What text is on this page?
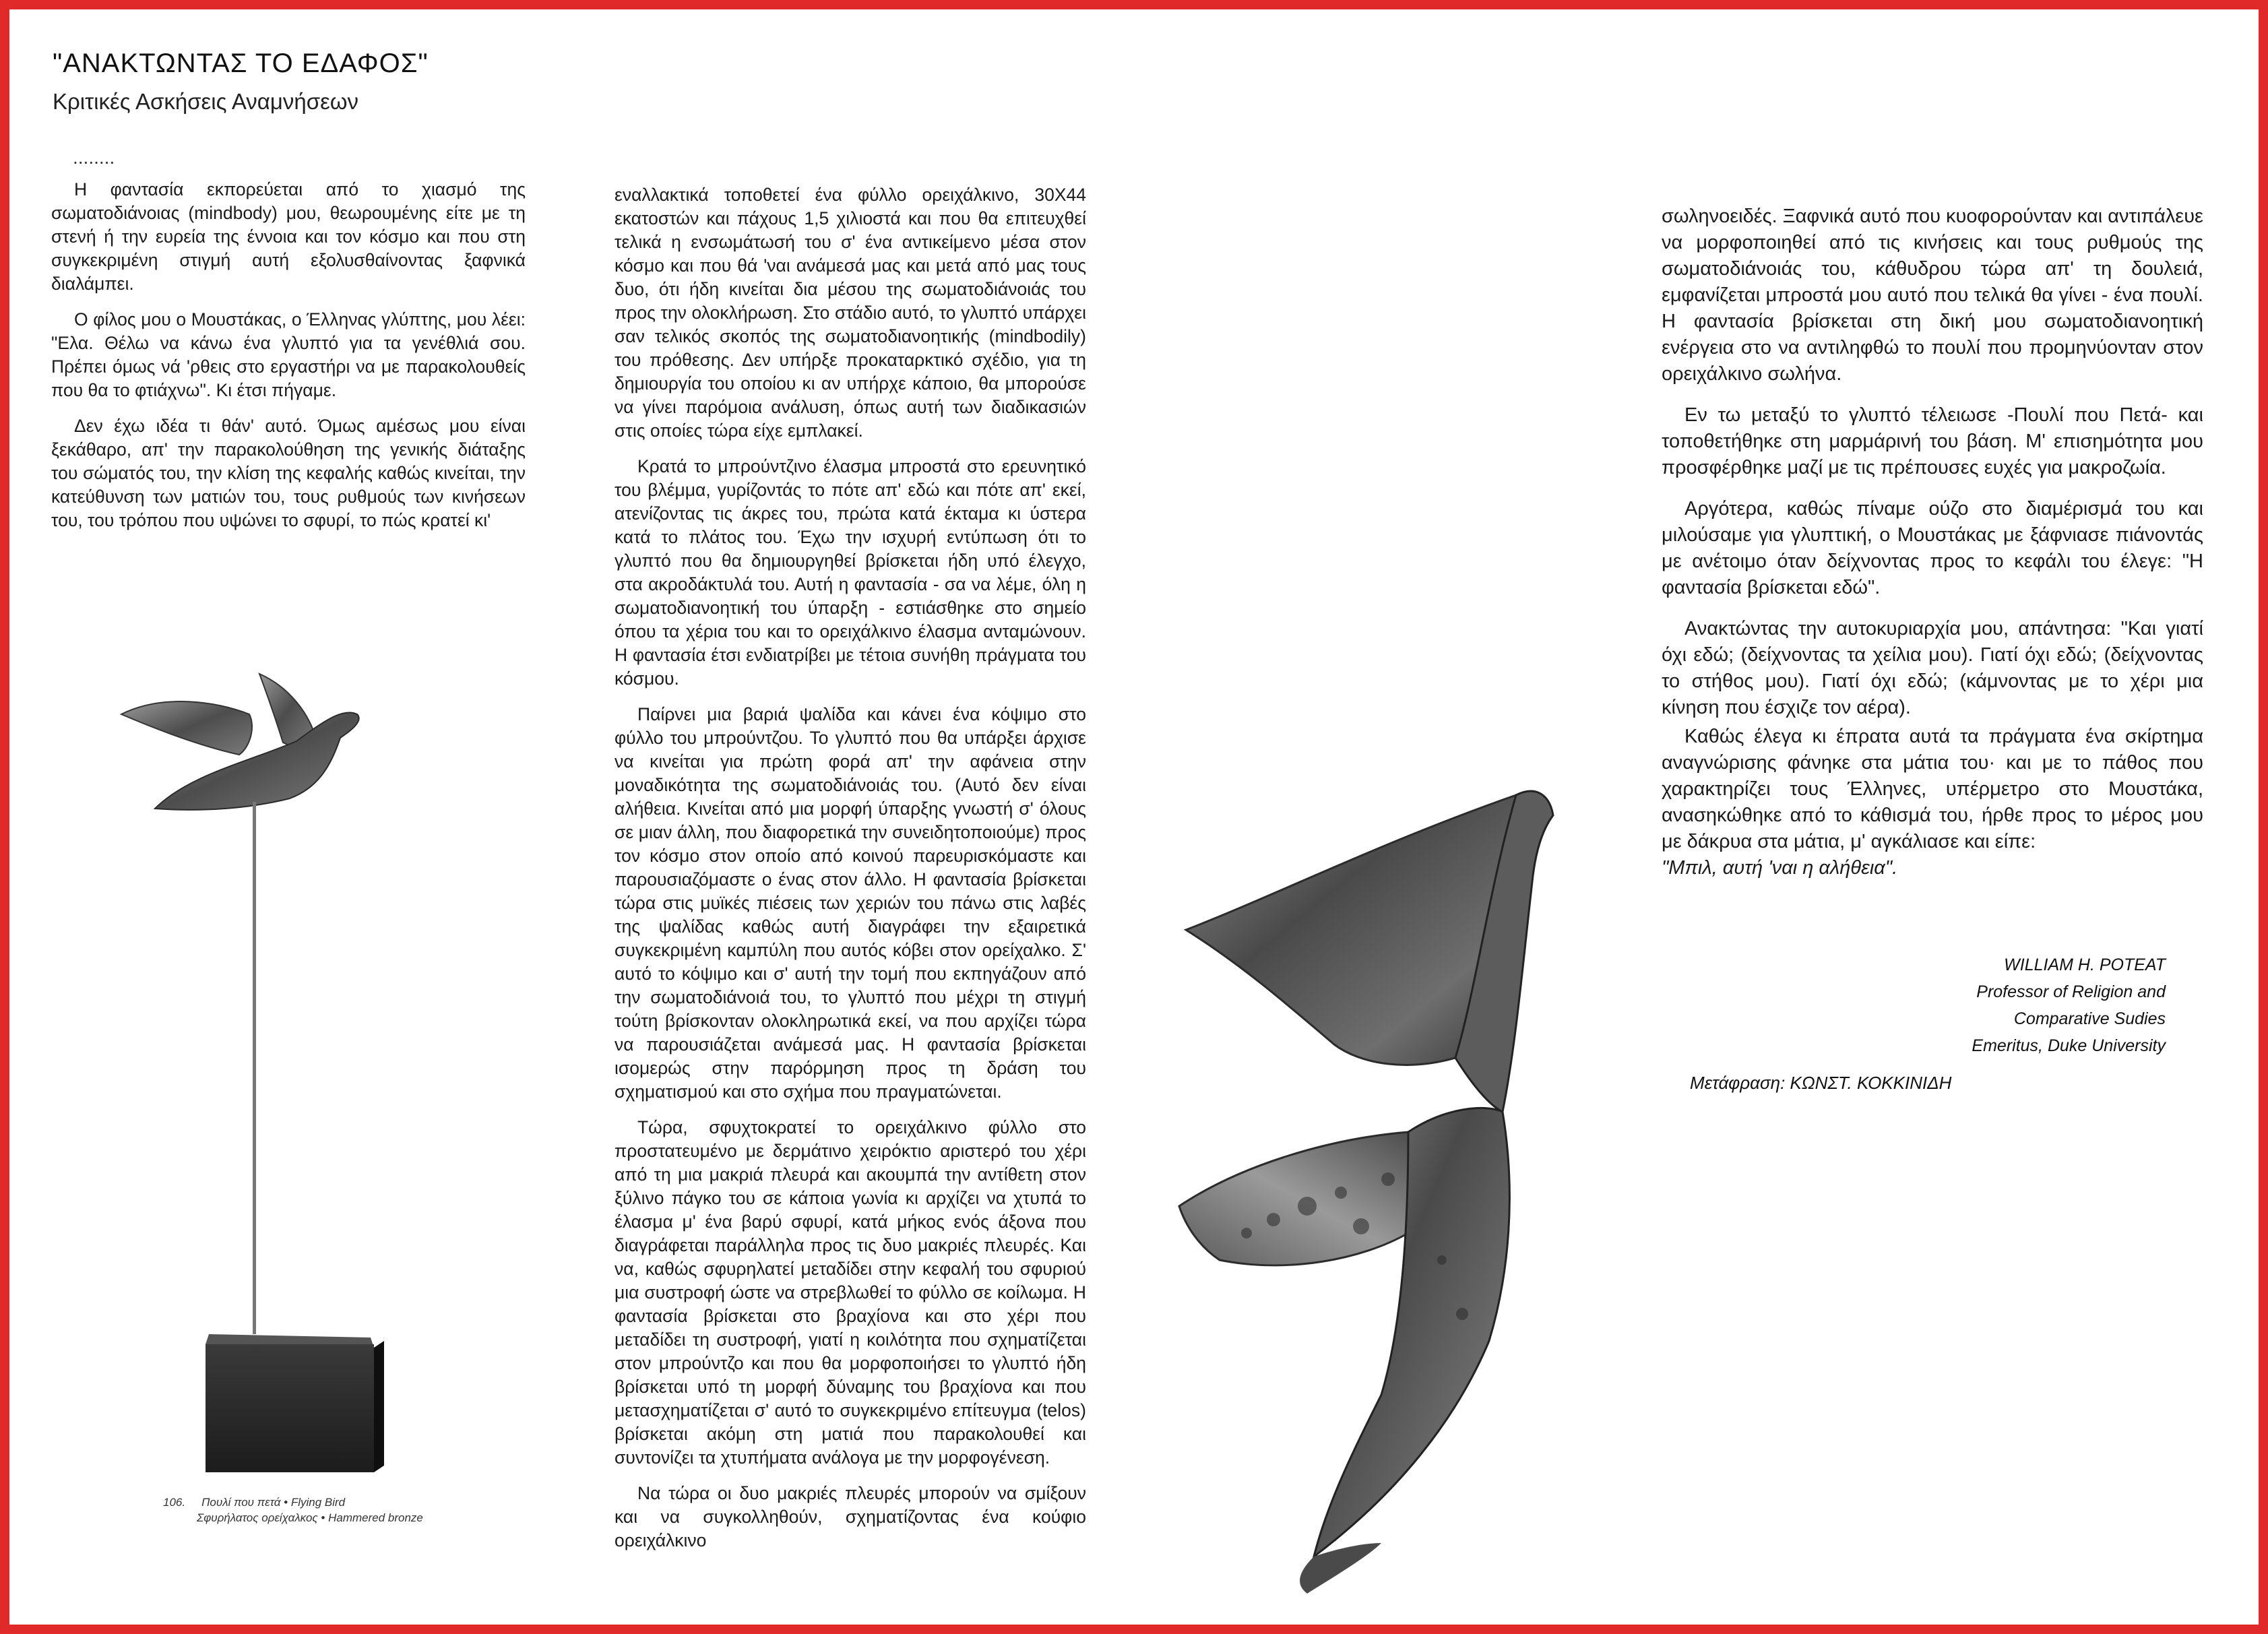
"ΑΝΑΚΤΩΝΤΑΣ ΤΟ ΕΔΑΦΟΣ"
Κριτικές Ασκήσεις Αναμνήσεων
........

Η φαντασία εκπορεύεται από το χιασμό της σωματοδιάνοιας (mindbody) μου, θεωρουμένης είτε με τη στενή ή την ευρεία της έννοια και τον κόσμο και που στη συγκεκριμένη στιγμή αυτή εξολυσθαίνοντας ξαφνικά διαλάμπει.

Ο φίλος μου ο Μουστάκας, ο Έλληνας γλύπτης, μου λέει: "Ελα. Θέλω να κάνω ένα γλυπτό για τα γενέθλιά σου. Πρέπει όμως νά 'ρθεις στο εργαστήρι να με παρακολουθείς που θα το φτιάχνω". Κι έτσι πήγαμε.

Δεν έχω ιδέα τι θάν' αυτό. Όμως αμέσως μου είναι ξεκάθαρο, απ' την παρακολούθηση της γενικής διάταξης του σώματός του, την κλίση της κεφαλής καθώς κινείται, την κατεύθυνση των ματιών του, τους ρυθμούς των κινήσεων του, του τρόπου που υψώνει το σφυρί, το πώς κρατεί κι'

106. Πουλί που πετά • Flying Bird
Σφυρήλατος ορείχαλκος • Hammered bronze

εναλλακτικά τοποθετεί ένα φύλλο ορειχάλκινο, 30Χ44 εκατοστών και πάχους 1,5 χιλιοστά και που θα επιτευχθεί τελικά η ενσωμάτωσή του σ' ένα αντικείμενο μέσα στον κόσμο και που θά 'ναι ανάμεσά μας και μετά από μας τους δυο, ότι ήδη κινείται δια μέσου της σωματοδιάνοιάς του προς την ολοκλήρωση. Στο στάδιο αυτό, το γλυπτό υπάρχει σαν τελικός σκοπός της σωματοδιανοητικής (mindbodily) του πρόθεσης. Δεν υπήρξε προκαταρκτικό σχέδιο, για τη δημιουργία του οποίου κι αν υπήρχε κάποιο, θα μπορούσε να γίνει παρόμοια ανάλυση, όπως αυτή των διαδικασιών στις οποίες τώρα είχε εμπλακεί.

Κρατά το μπρούντζινο έλασμα μπροστά στο ερευνητικό του βλέμμα, γυρίζοντάς το πότε απ' εδώ και πότε απ' εκεί, ατενίζοντας τις άκρες του, πρώτα κατά έκταμα κι ύστερα κατά το πλάτος του. Έχω την ισχυρή εντύπωση ότι το γλυπτό που θα δημιουργηθεί βρίσκεται ήδη υπό έλεγχο, στα ακροδάκτυλά του. Αυτή η φαντασία - σα να λέμε, όλη η σωματοδιανοητική του ύπαρξη - εστιάσθηκε στο σημείο όπου τα χέρια του και το ορειχάλκινο έλασμα ανταμώνουν. Η φαντασία έτσι ενδιατρίβει με τέτοια συνήθη πράγματα του κόσμου.

Παίρνει μια βαριά ψαλίδα και κάνει ένα κόψιμο στο φύλλο του μπρούντζου. Το γλυπτό που θα υπάρξει άρχισε να κινείται για πρώτη φορά απ' την αφάνεια στην μοναδικότητα της σωματοδιάνοιάς του. (Αυτό δεν είναι αλήθεια. Κινείται από μια μορφή ύπαρξης γνωστή σ' όλους σε μιαν άλλη, που διαφορετικά την συνειδητοποιούμε) προς τον κόσμο στον οποίο από κοινού παρευρισκόμαστε και παρουσιαζόμαστε ο ένας στον άλλο. Η φαντασία βρίσκεται τώρα στις μυϊκές πιέσεις των χεριών του πάνω στις λαβές της ψαλίδας καθώς αυτή διαγράφει την εξαιρετικά συγκεκριμένη καμπύλη που αυτός κόβει στον ορείχαλκο. Σ' αυτό το κόψιμο και σ' αυτή την τομή που εκπηγάζουν από την σωματοδιάνοιά του, το γλυπτό που μέχρι τη στιγμή τούτη βρίσκονταν ολοκληρωτικά εκεί, να που αρχίζει τώρα να παρουσιάζεται ανάμεσά μας. Η φαντασία βρίσκεται ισομερώς στην παρόρμηση προς τη δράση του σχηματισμού και στο σχήμα που πραγματώνεται.

Τώρα, σφυχτοκρατεί το ορειχάλκινο φύλλο στο προστατευμένο με δερμάτινο χειρόκτιο αριστερό του χέρι από τη μια μακριά πλευρά και ακουμπά την αντίθετη στον ξύλινο πάγκο του σε κάποια γωνία κι αρχίζει να χτυπά το έλασμα μ' ένα βαρύ σφυρί, κατά μήκος ενός άξονα που διαγράφεται παράλληλα προς τις δυο μακριές πλευρές. Και να, καθώς σφυρηλατεί μεταδίδει στην κεφαλή του σφυριού μια συστροφή ώστε να στρεβλωθεί το φύλλο σε κοίλωμα. Η φαντασία βρίσκεται στο βραχίονα και στο χέρι που μεταδίδει τη συστροφή, γιατί η κοιλότητα που σχηματίζεται στον μπρούντζο και που θα μορφοποιήσει το γλυπτό ήδη βρίσκεται υπό τη μορφή δύναμης του βραχίονα και που μετασχηματίζεται σ' αυτό το συγκεκριμένο επίτευγμα (telos) βρίσκεται ακόμη στη ματιά που παρακολουθεί και συντονίζει τα χτυπήματα ανάλογα με την μορφογένεση.

Να τώρα οι δυο μακριές πλευρές μπορούν να σμίξουν και να συγκολληθούν, σχηματίζοντας ένα κούφιο ορειχάλκινο

σωληνοειδές. Ξαφνικά αυτό που κυοφορούνταν και αντιπάλευε να μορφοποιηθεί από τις κινήσεις και τους ρυθμούς της σωματοδιάνοιάς του, κάθυδρου τώρα απ' τη δουλειά, εμφανίζεται μπροστά μου αυτό που τελικά θα γίνει - ένα πουλί. Η φαντασία βρίσκεται στη δική μου σωματοδιανοητική ενέργεια στο να αντιληφθώ το πουλί που προμηνύονταν στον ορειχάλκινο σωλήνα.

Εν τω μεταξύ το γλυπτό τέλειωσε -Πουλί που Πετά- και τοποθετήθηκε στη μαρμάρινή του βάση. Μ' επισημότητα μου προσφέρθηκε μαζί με τις πρέπουσες ευχές για μακροζωία.

Αργότερα, καθώς πίναμε ούζο στο διαμέρισμά του και μιλούσαμε για γλυπτική, ο Μουστάκας με ξάφνιασε πιάνοντάς με ανέτοιμο όταν δείχνοντας προς το κεφάλι του έλεγε: "Η φαντασία βρίσκεται εδώ".

Ανακτώντας την αυτοκυριαρχία μου, απάντησα: "Και γιατί όχι εδώ; (δείχνοντας τα χείλια μου). Γιατί όχι εδώ; (δείχνοντας το στήθος μου). Γιατί όχι εδώ; (κάμνοντας με το χέρι μια κίνηση που έσχιζε τον αέρα).

Καθώς έλεγα κι έπρατα αυτά τα πράγματα ένα σκίρτημα αναγνώρισης φάνηκε στα μάτια του· και με το πάθος που χαρακτηρίζει τους Έλληνες, υπέρμετρο στο Μουστάκα, ανασηκώθηκε από το κάθισμά του, ήρθε προς το μέρος μου με δάκρυα στα μάτια, μ' αγκάλιασε και είπε:

"Μπιλ, αυτή 'ναι η αλήθεια".
WILLIAM H. POTEAT
Professor of Religion and
Comparative Sudies
Emeritus, Duke University
Μετάφραση: ΚΩΝΣΤ. ΚΟΚΚΙΝΙΔΗ
